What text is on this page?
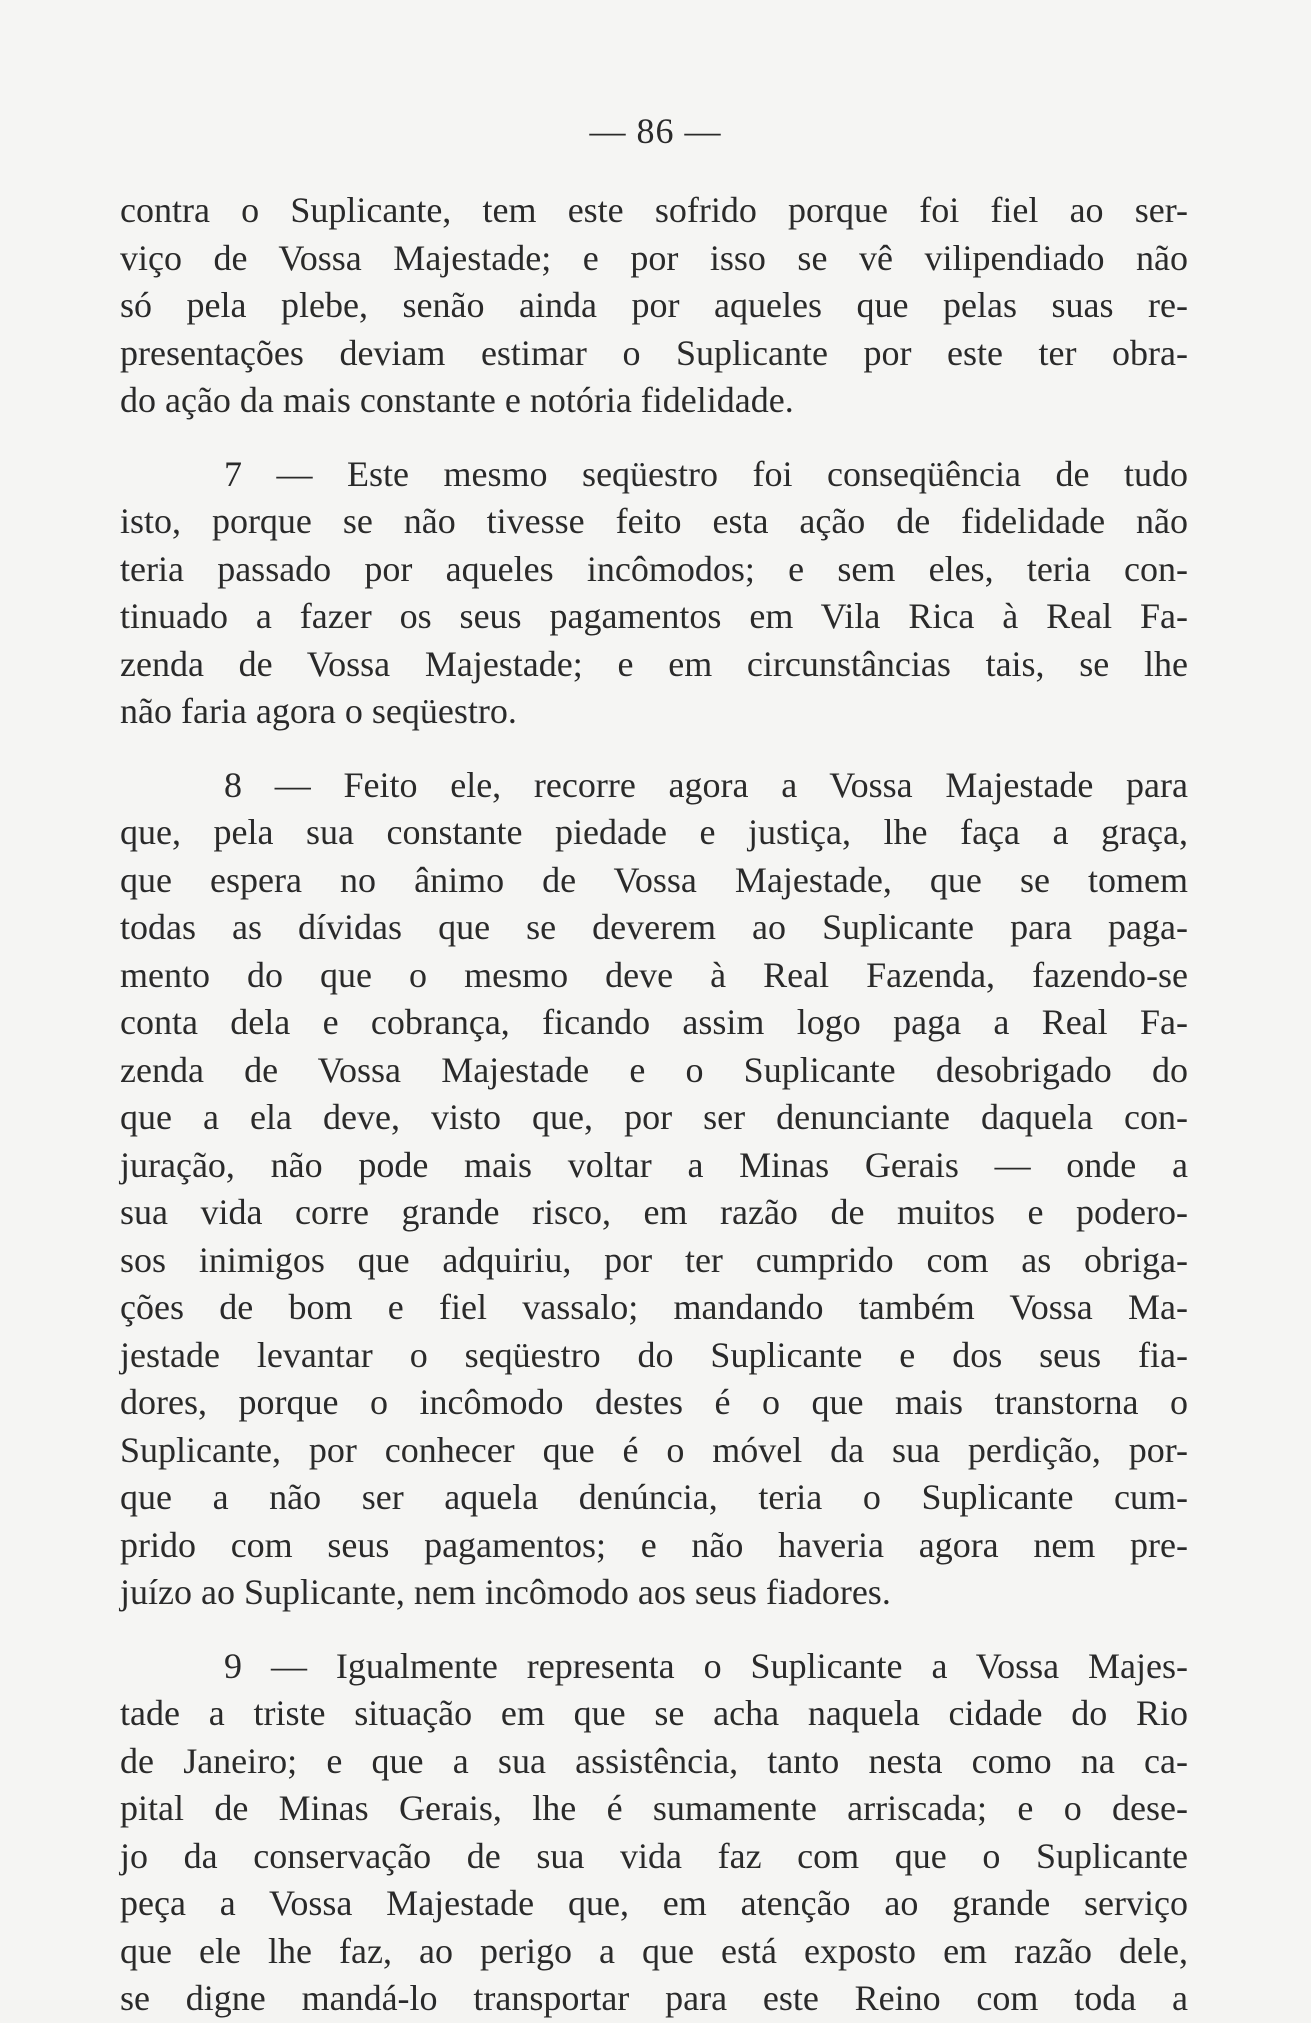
— 86 —
contra o Suplicante, tem este sofrido porque foi fiel ao ser-
viço de Vossa Majestade; e por isso se vê vilipendiado não
só pela plebe, senão ainda por aqueles que pelas suas re-
presentações deviam estimar o Suplicante por este ter obra-
do ação da mais constante e notória fidelidade.
7 — Este mesmo seqüestro foi conseqüência de tudo
isto, porque se não tivesse feito esta ação de fidelidade não
teria passado por aqueles incômodos; e sem eles, teria con-
tinuado a fazer os seus pagamentos em Vila Rica à Real Fa-
zenda de Vossa Majestade; e em circunstâncias tais, se lhe
não faria agora o seqüestro.
8 — Feito ele, recorre agora a Vossa Majestade para
que, pela sua constante piedade e justiça, lhe faça a graça,
que espera no ânimo de Vossa Majestade, que se tomem
todas as dívidas que se deverem ao Suplicante para paga-
mento do que o mesmo deve à Real Fazenda, fazendo-se
conta dela e cobrança, ficando assim logo paga a Real Fa-
zenda de Vossa Majestade e o Suplicante desobrigado do
que a ela deve, visto que, por ser denunciante daquela con-
juração, não pode mais voltar a Minas Gerais — onde a
sua vida corre grande risco, em razão de muitos e podero-
sos inimigos que adquiriu, por ter cumprido com as obriga-
ções de bom e fiel vassalo; mandando também Vossa Ma-
jestade levantar o seqüestro do Suplicante e dos seus fia-
dores, porque o incômodo destes é o que mais transtorna o
Suplicante, por conhecer que é o móvel da sua perdição, por-
que a não ser aquela denúncia, teria o Suplicante cum-
prido com seus pagamentos; e não haveria agora nem pre-
juízo ao Suplicante, nem incômodo aos seus fiadores.
9 — Igualmente representa o Suplicante a Vossa Majes-
tade a triste situação em que se acha naquela cidade do Rio
de Janeiro; e que a sua assistência, tanto nesta como na ca-
pital de Minas Gerais, lhe é sumamente arriscada; e o dese-
jo da conservação de sua vida faz com que o Suplicante
peça a Vossa Majestade que, em atenção ao grande serviço
que ele lhe faz, ao perigo a que está exposto em razão dele,
se digne mandá-lo transportar para este Reino com toda a
